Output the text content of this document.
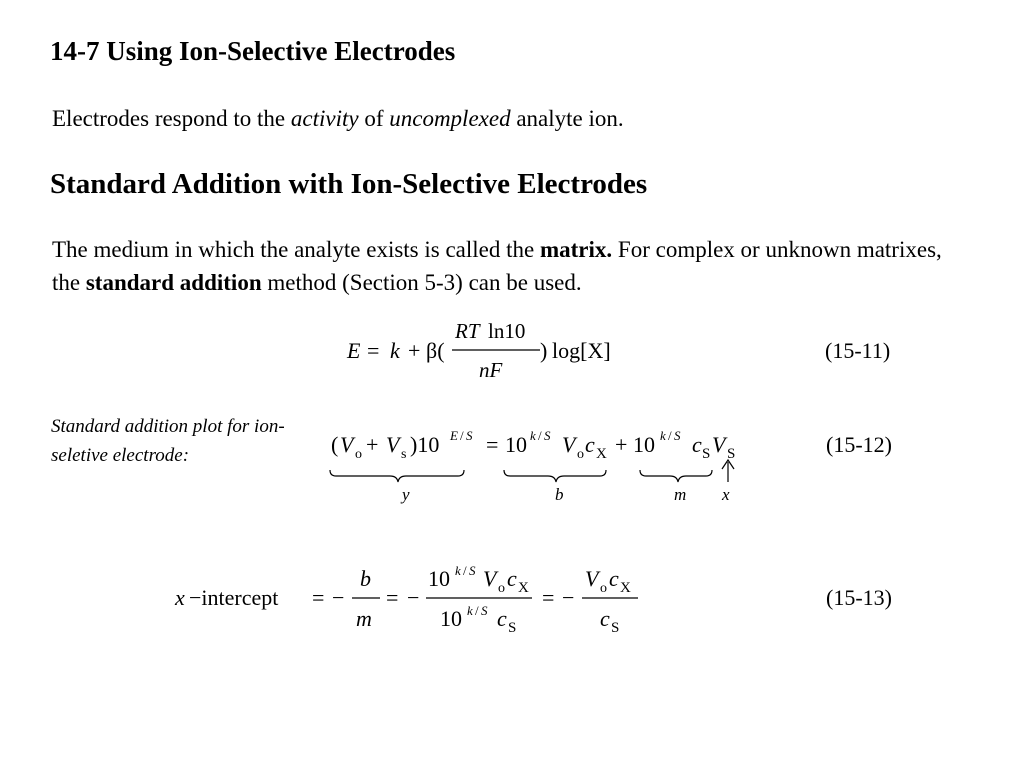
14-7 Using Ion-Selective Electrodes
Electrodes respond to the activity of uncomplexed analyte ion.
Standard Addition with Ion-Selective Electrodes
The medium in which the analyte exists is called the matrix. For complex or unknown matrixes, the standard addition method (Section 5-3) can be used.
Standard addition plot for ion-seletive electrode:
E = k + β(
RT ln10
nF
) log[X]	(15-11)
( V o + V s )10 E / S = 10 k / S V o c X + 10 k / S c S V S	(15-12)
y	b	m x
x −intercept = −
b
m
= −
10 k / S V o c X
10 k / S c S
= −
V o c X
c S
(15-13)
